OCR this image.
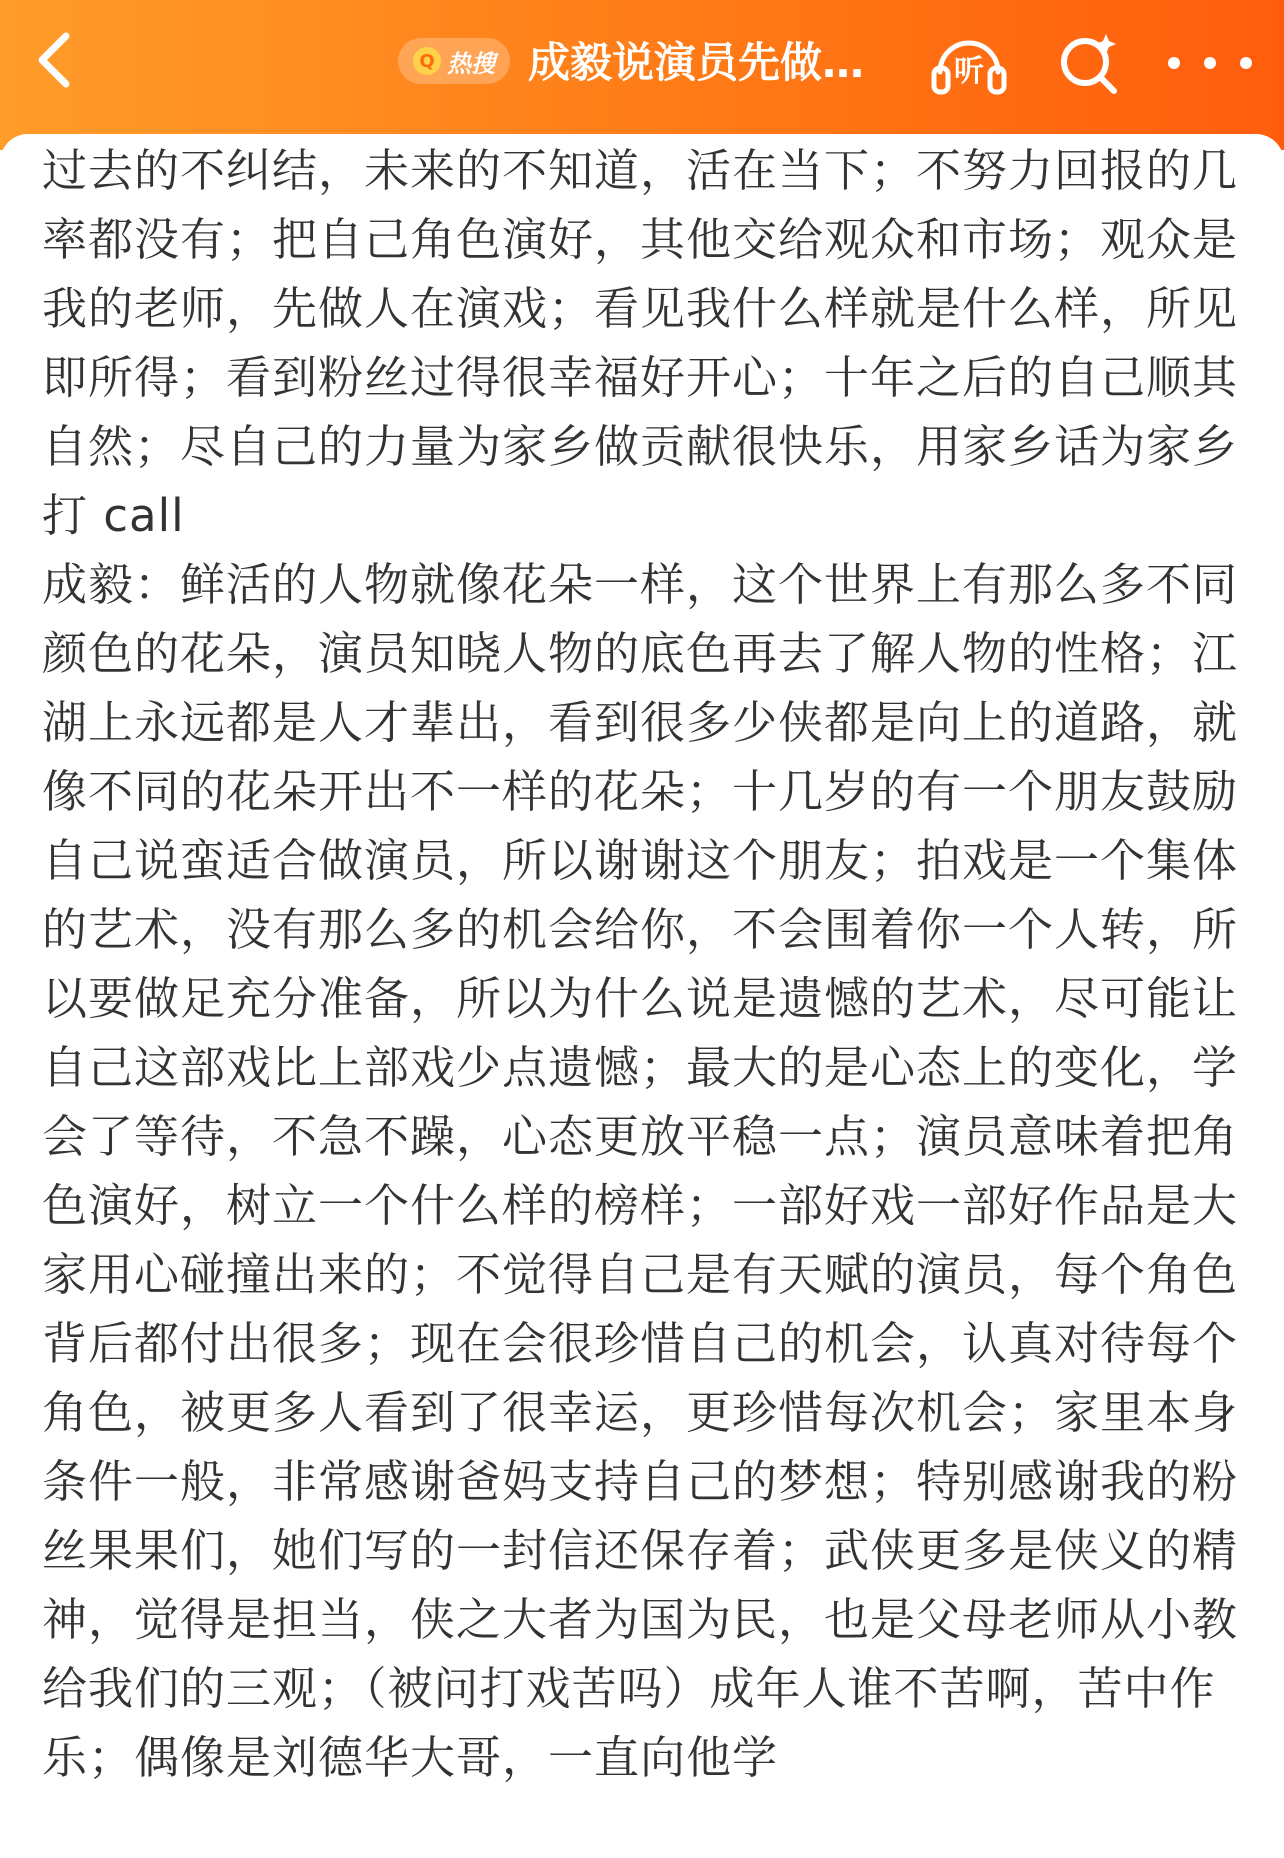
Q 热搜 成毅说演员先做…	听

过去的不纠结，未来的不知道，活在当下；不努力回报的几率都没有；把自己角色演好，其他交给观众和市场；观众是我的老师，先做人在演戏；看见我什么样就是什么样，所见即所得；看到粉丝过得很幸福好开心；十年之后的自己顺其自然；尽自己的力量为家乡做贡献很快乐，用家乡话为家乡打 call

成毅：鲜活的人物就像花朵一样，这个世界上有那么多不同颜色的花朵，演员知晓人物的底色再去了解人物的性格；江湖上永远都是人才辈出，看到很多少侠都是向上的道路，就像不同的花朵开出不一样的花朵；十几岁的有一个朋友鼓励自己说蛮适合做演员，所以谢谢这个朋友；拍戏是一个集体的艺术，没有那么多的机会给你，不会围着你一个人转，所以要做足充分准备，所以为什么说是遗憾的艺术，尽可能让自己这部戏比上部戏少点遗憾；最大的是心态上的变化，学会了等待，不急不躁，心态更放平稳一点；演员意味着把角色演好，树立一个什么样的榜样；一部好戏一部好作品是大家用心碰撞出来的；不觉得自己是有天赋的演员，每个角色背后都付出很多；现在会很珍惜自己的机会，认真对待每个角色，被更多人看到了很幸运，更珍惜每次机会；家里本身条件一般，非常感谢爸妈支持自己的梦想；特别感谢我的粉丝果果们，她们写的一封信还保存着；武侠更多是侠义的精神，觉得是担当，侠之大者为国为民，也是父母老师从小教给我们的三观；（被问打戏苦吗）成年人谁不苦啊，苦中作乐；偶像是刘德华大哥，一直向他学
